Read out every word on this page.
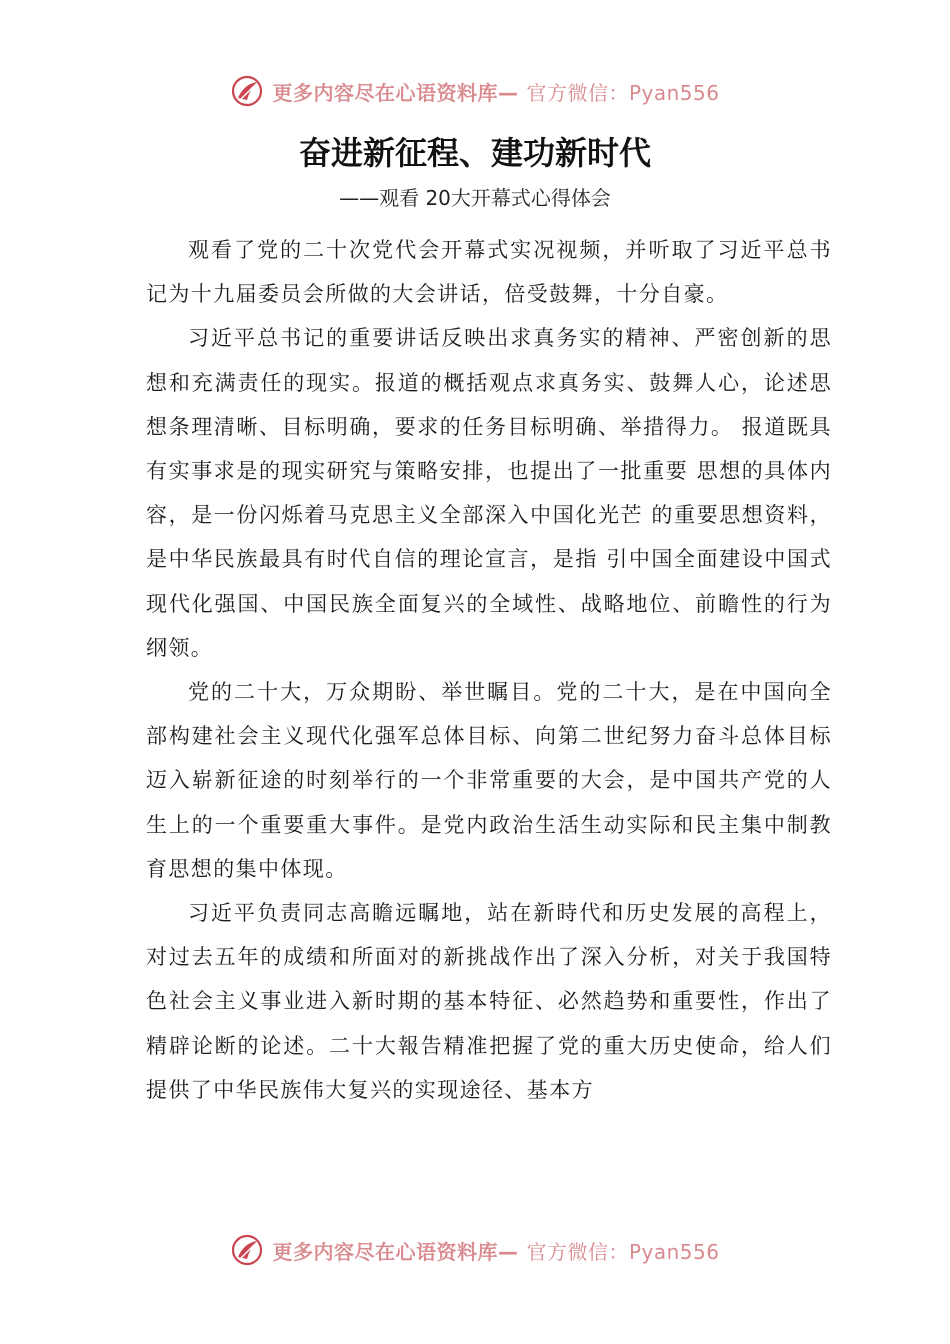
更多内容尽在心语资料库— 官方微信：Pyan556
奋进新征程、建功新时代

——观看 20大开幕式心得体会

观看了党的二十次党代会开幕式实况视频，并听取了习近平总书记为十九届委员会所做的大会讲话，倍受鼓舞，十分自豪。

习近平总书记的重要讲话反映出求真务实的精神、严密创新的思想和充满责任的现实。报道的概括观点求真务实、鼓舞人心，论述思想条理清晰、目标明确，要求的任务目标明确、举措得力。 报道既具有实事求是的现实研究与策略安排，也提出了一批重要 思想的具体内容，是一份闪烁着马克思主义全部深入中国化光芒 的重要思想资料，是中华民族最具有时代自信的理论宣言，是指 引中国全面建设中国式现代化强国、中国民族全面复兴的全域性、战略地位、前瞻性的行为纲领。

党的二十大，万众期盼、举世瞩目。党的二十大，是在中国向全部构建社会主义现代化强军总体目标、向第二世纪努力奋斗总体目标迈入崭新征途的时刻举行的一个非常重要的大会，是中国共产党的人生上的一个重要重大事件。是党内政治生活生动实际和民主集中制教育思想的集中体现。

习近平负责同志高瞻远瞩地，站在新時代和历史发展的高程上，对过去五年的成绩和所面对的新挑战作出了深入分析，对关于我国特色社会主义事业进入新时期的基本特征、必然趋势和重要性，作出了精辟论断的论述。二十大報告精准把握了党的重大历史使命，给人们提供了中华民族伟大复兴的实现途径、基本方

更多内容尽在心语资料库— 官方微信：Pyan556
